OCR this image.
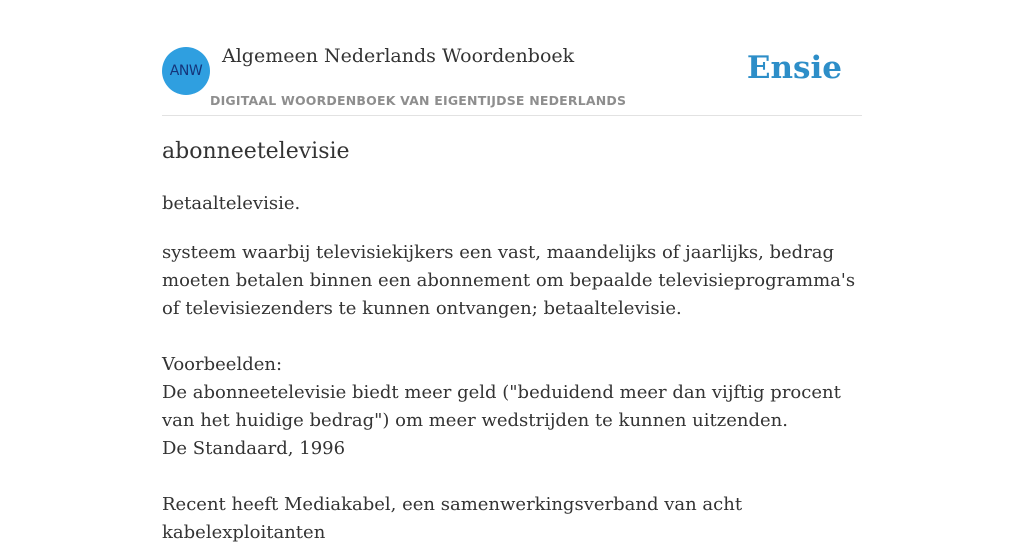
ANW
Algemeen Nederlands Woordenboek
DIGITAAL WOORDENBOEK VAN EIGENTIJDSE NEDERLANDS
Ensie
abonneetelevisie
betaaltelevisie.

systeem waarbij televisiekijkers een vast, maandelijks of jaarlijks, bedrag moeten betalen binnen een abonnement om bepaalde televisieprogramma's of televisiezenders te kunnen ontvangen; betaaltelevisie.

Voorbeelden:

De abonneetelevisie biedt meer geld ("beduidend meer dan vijftig procent van het huidige bedrag") om meer wedstrijden te kunnen uitzenden.

De Standaard, 1996

Recent heeft Mediakabel, een samenwerkingsverband van acht kabelexploitanten
